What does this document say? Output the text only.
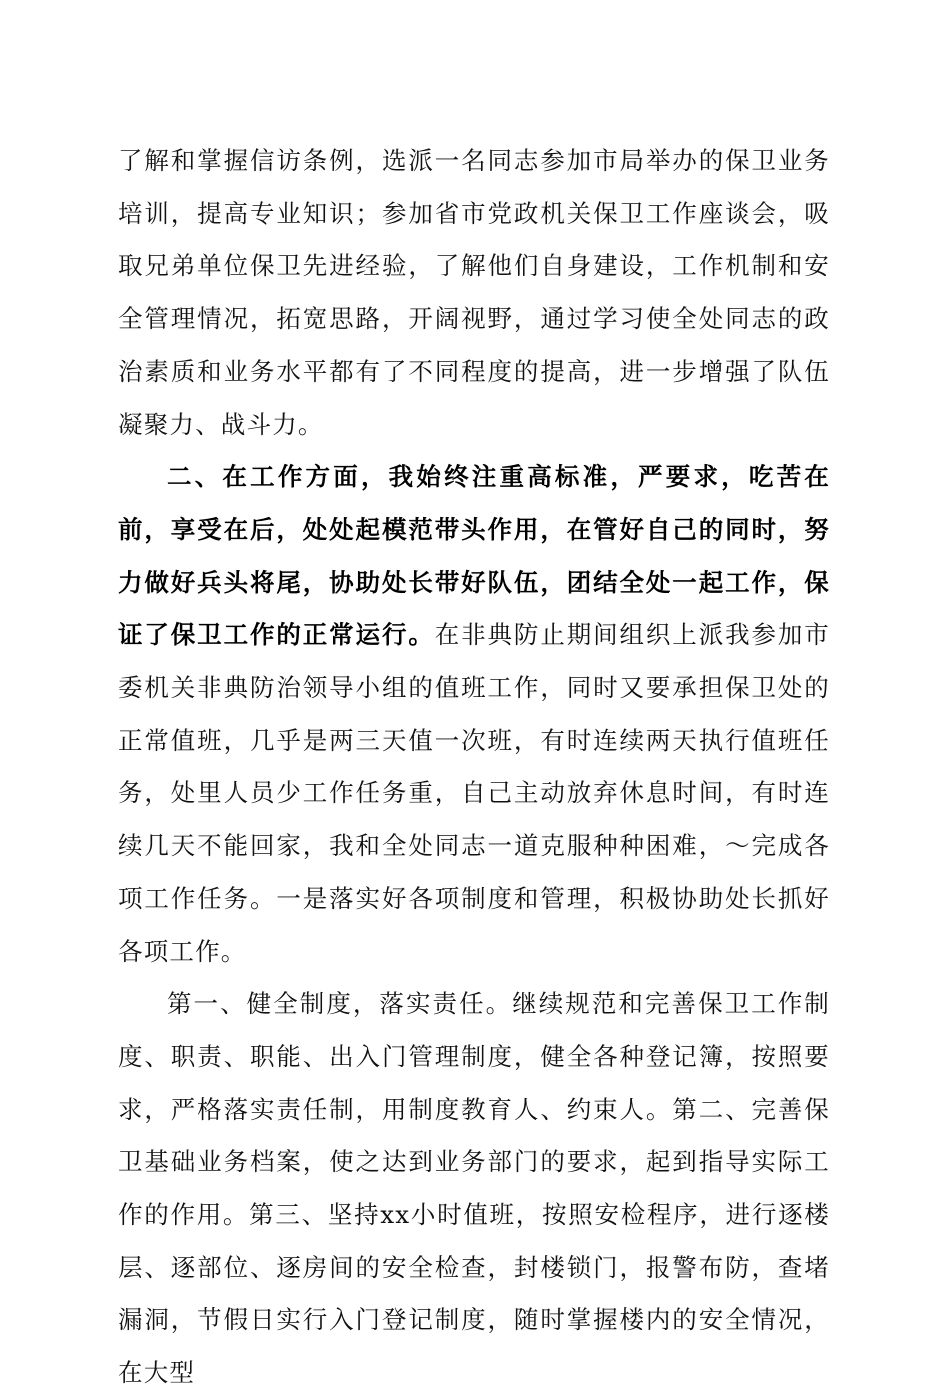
了解和掌握信访条例，选派一名同志参加市局举办的保卫业务培训，提高专业知识；参加省市党政机关保卫工作座谈会，吸取兄弟单位保卫先进经验，了解他们自身建设，工作机制和安全管理情况，拓宽思路，开阔视野，通过学习使全处同志的政治素质和业务水平都有了不同程度的提高，进一步增强了队伍凝聚力、战斗力。

二、在工作方面，我始终注重高标准，严要求，吃苦在前，享受在后，处处起模范带头作用，在管好自己的同时，努力做好兵头将尾，协助处长带好队伍，团结全处一起工作，保证了保卫工作的正常运行。在非典防止期间组织上派我参加市委机关非典防治领导小组的值班工作，同时又要承担保卫处的正常值班，几乎是两三天值一次班，有时连续两天执行值班任务，处里人员少工作任务重，自己主动放弃休息时间，有时连续几天不能回家，我和全处同志一道克服种种困难，～完成各项工作任务。一是落实好各项制度和管理，积极协助处长抓好各项工作。

第一、健全制度，落实责任。继续规范和完善保卫工作制度、职责、职能、出入门管理制度，健全各种登记簿，按照要求，严格落实责任制，用制度教育人、约束人。第二、完善保卫基础业务档案，使之达到业务部门的要求，起到指导实际工作的作用。第三、坚持xx小时值班，按照安检程序，进行逐楼层、逐部位、逐房间的安全检查，封楼锁门，报警布防，查堵漏洞，节假日实行入门登记制度，随时掌握楼内的安全情况，在大型
